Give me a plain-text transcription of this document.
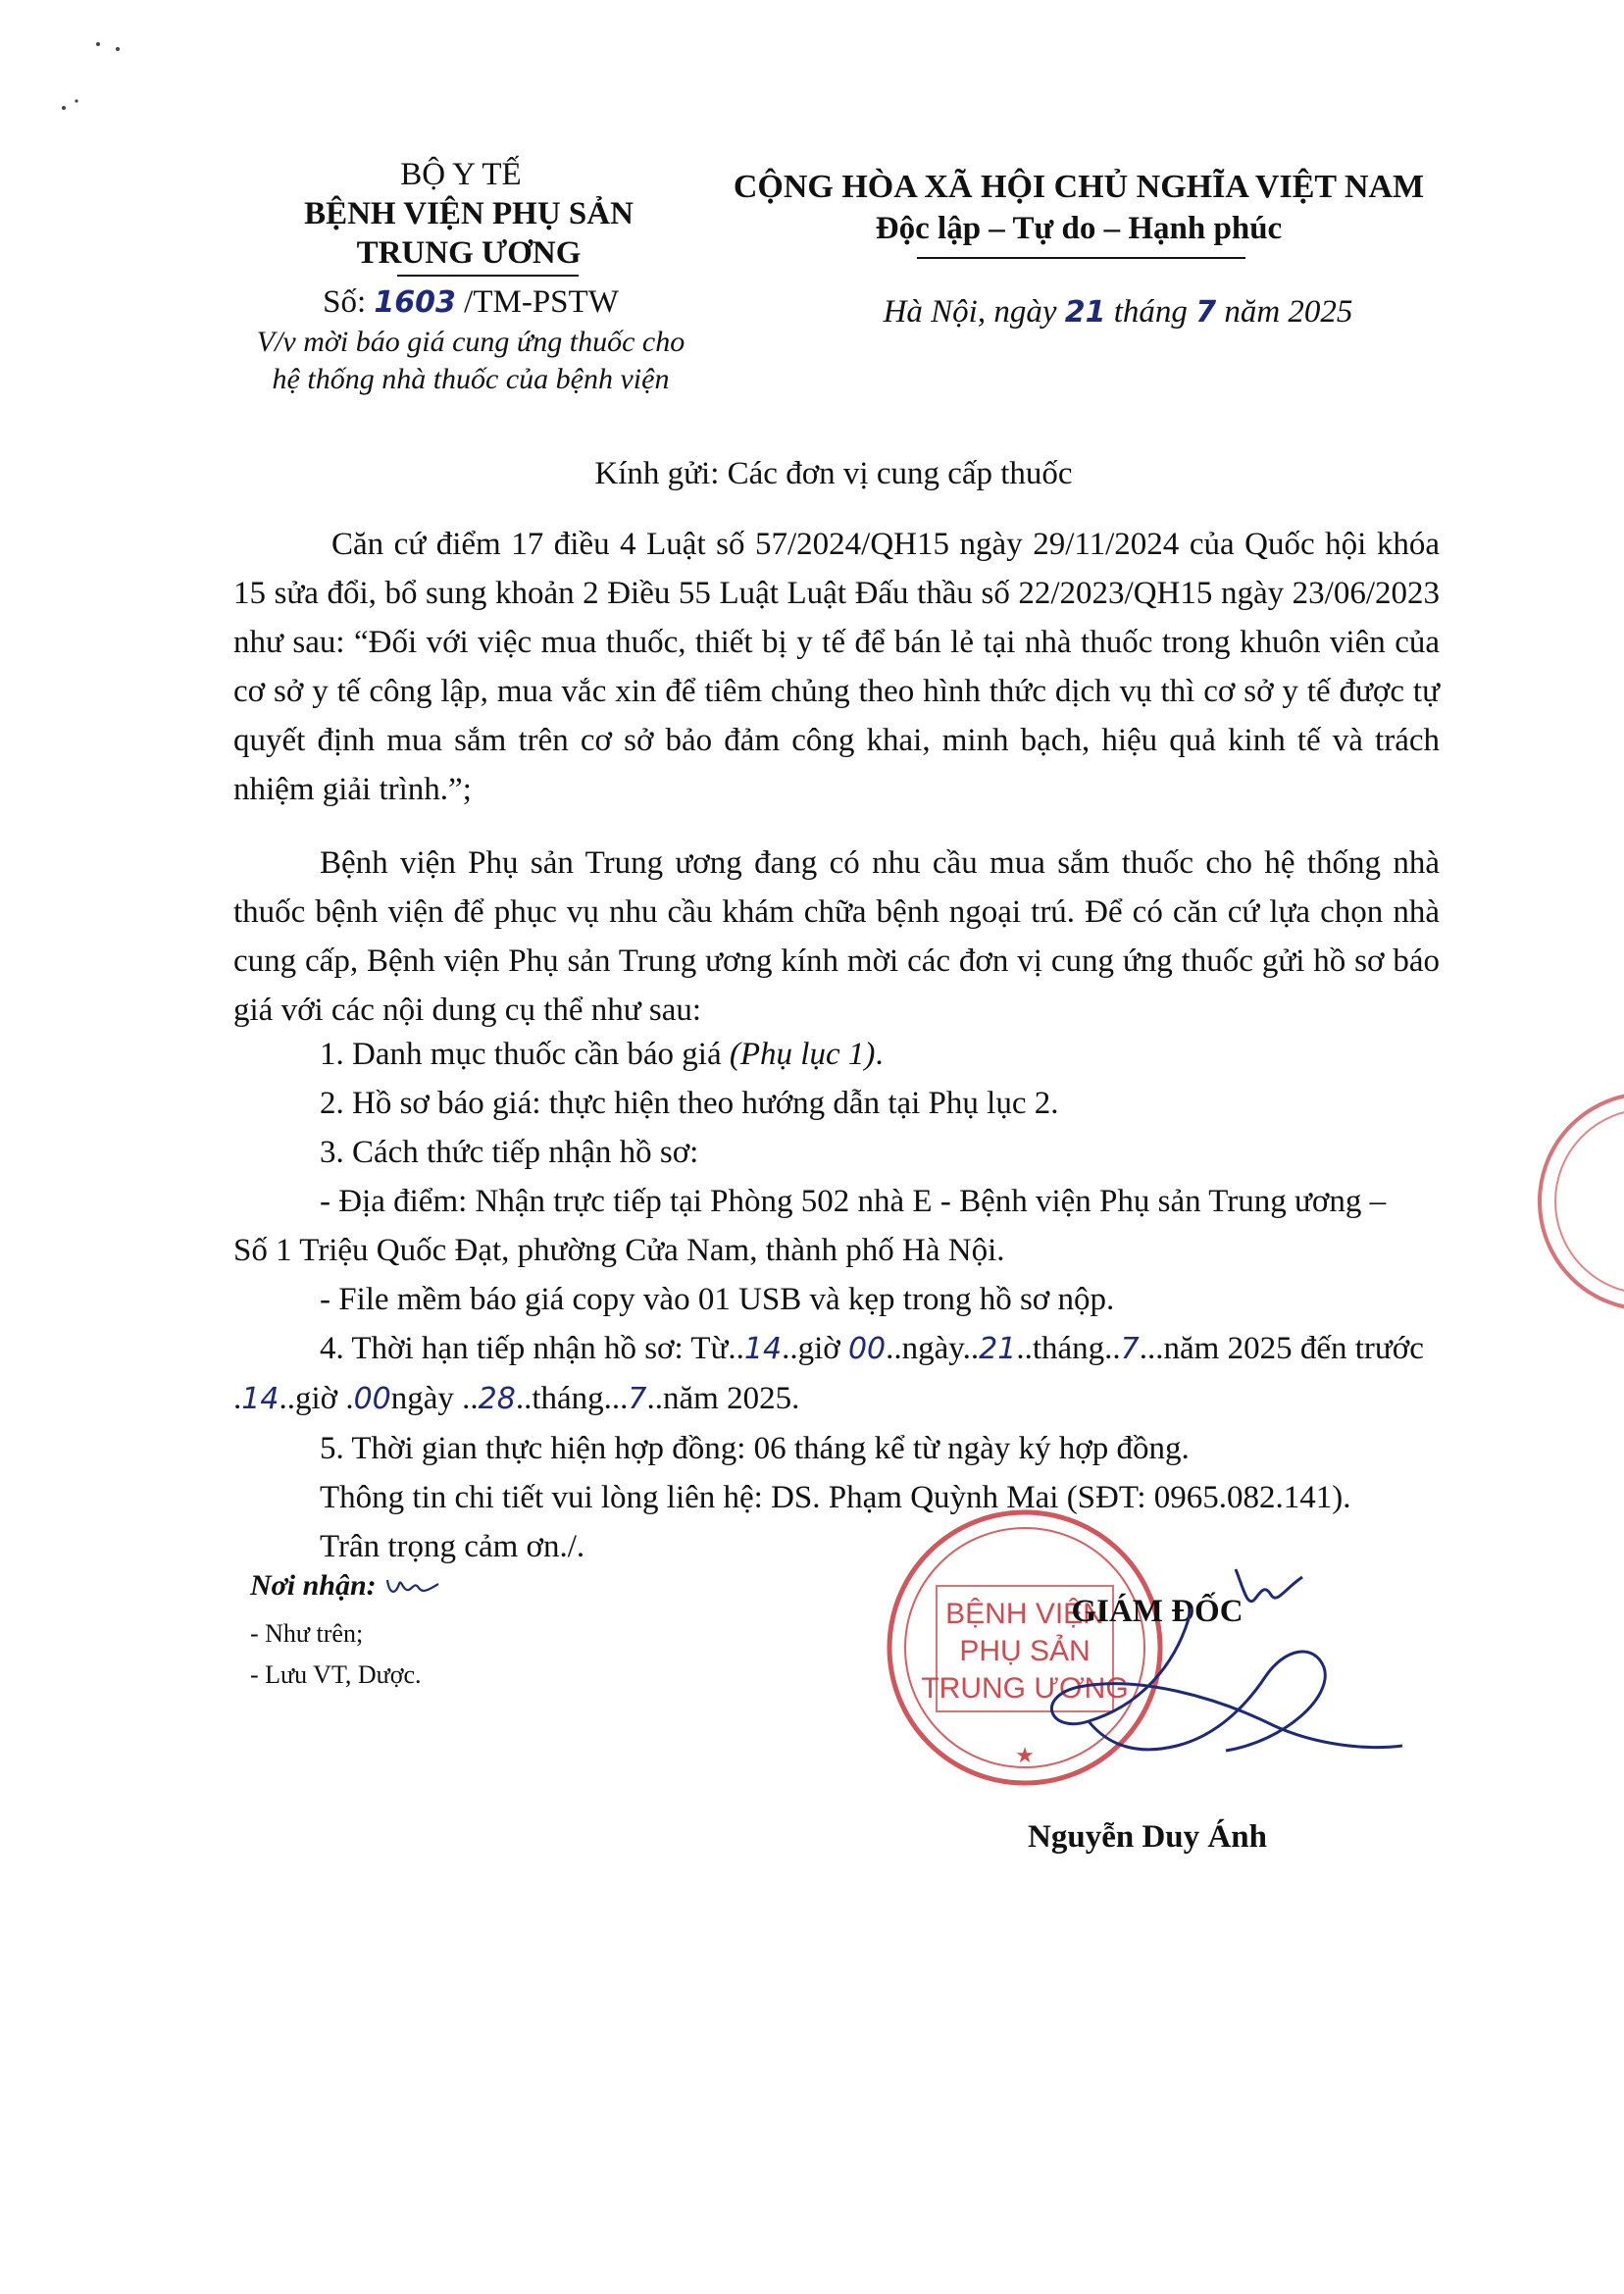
BỘ Y TẾ
BỆNH VIỆN PHỤ SẢN
TRUNG ƯƠNG
Số: 1603 /TM-PSTW
V/v mời báo giá cung ứng thuốc cho
hệ thống nhà thuốc của bệnh viện
CỘNG HÒA XÃ HỘI CHỦ NGHĨA VIỆT NAM
Độc lập – Tự do – Hạnh phúc
Hà Nội, ngày 21 tháng 7 năm 2025
Kính gửi: Các đơn vị cung cấp thuốc
Căn cứ điểm 17 điều 4 Luật số 57/2024/QH15 ngày 29/11/2024 của Quốc hội khóa 15 sửa đổi, bổ sung khoản 2 Điều 55 Luật Luật Đấu thầu số 22/2023/QH15 ngày 23/06/2023 như sau: “Đối với việc mua thuốc, thiết bị y tế để bán lẻ tại nhà thuốc trong khuôn viên của cơ sở y tế công lập, mua vắc xin để tiêm chủng theo hình thức dịch vụ thì cơ sở y tế được tự quyết định mua sắm trên cơ sở bảo đảm công khai, minh bạch, hiệu quả kinh tế và trách nhiệm giải trình.”;
Bệnh viện Phụ sản Trung ương đang có nhu cầu mua sắm thuốc cho hệ thống nhà thuốc bệnh viện để phục vụ nhu cầu khám chữa bệnh ngoại trú. Để có căn cứ lựa chọn nhà cung cấp, Bệnh viện Phụ sản Trung ương kính mời các đơn vị cung ứng thuốc gửi hồ sơ báo giá với các nội dung cụ thể như sau:
1. Danh mục thuốc cần báo giá (Phụ lục 1).
2. Hồ sơ báo giá: thực hiện theo hướng dẫn tại Phụ lục 2.
3. Cách thức tiếp nhận hồ sơ:
- Địa điểm: Nhận trực tiếp tại Phòng 502 nhà E - Bệnh viện Phụ sản Trung ương –
Số 1 Triệu Quốc Đạt, phường Cửa Nam, thành phố Hà Nội.
- File mềm báo giá copy vào 01 USB và kẹp trong hồ sơ nộp.
4. Thời hạn tiếp nhận hồ sơ: Từ..14..giờ 00..ngày..21..tháng..7...năm 2025 đến trước
.14..giờ .00ngày ..28..tháng...7..năm 2025.
5. Thời gian thực hiện hợp đồng: 06 tháng kể từ ngày ký hợp đồng.
Thông tin chi tiết vui lòng liên hệ: DS. Phạm Quỳnh Mai (SĐT: 0965.082.141).
Trân trọng cảm ơn./.
Nơi nhận:
- Như trên;
- Lưu VT, Dược.
BỆNH VIỆN
PHỤ SẢN
TRUNG ƯƠNG
★
GIÁM ĐỐC
Nguyễn Duy Ánh
